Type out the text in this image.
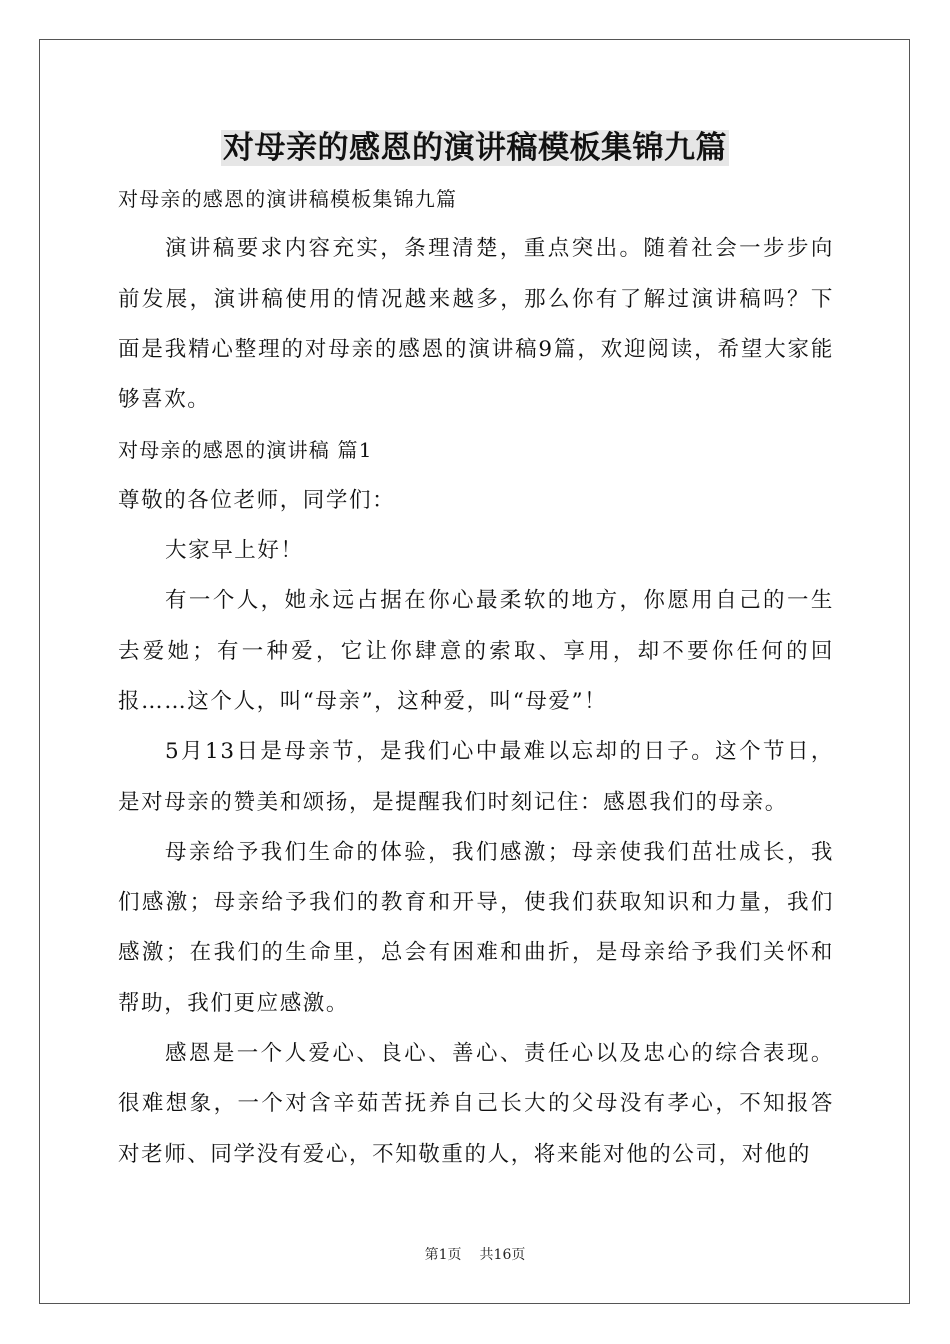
对母亲的感恩的演讲稿模板集锦九篇

对母亲的感恩的演讲稿模板集锦九篇

演讲稿要求内容充实，条理清楚，重点突出。随着社会一步步向前发展，演讲稿使用的情况越来越多，那么你有了解过演讲稿吗？下面是我精心整理的对母亲的感恩的演讲稿9篇，欢迎阅读，希望大家能够喜欢。

对母亲的感恩的演讲稿 篇1

尊敬的各位老师，同学们：

大家早上好！

有一个人，她永远占据在你心最柔软的地方，你愿用自己的一生去爱她；有一种爱，它让你肆意的索取、享用，却不要你任何的回报……这个人，叫“母亲”，这种爱，叫“母爱”！

5月13日是母亲节，是我们心中最难以忘却的日子。这个节日，是对母亲的赞美和颂扬，是提醒我们时刻记住：感恩我们的母亲。

母亲给予我们生命的体验，我们感激；母亲使我们茁壮成长，我们感激；母亲给予我们的教育和开导，使我们获取知识和力量，我们感激；在我们的生命里，总会有困难和曲折，是母亲给予我们关怀和帮助，我们更应感激。

感恩是一个人爱心、良心、善心、责任心以及忠心的综合表现。很难想象，一个对含辛茹苦抚养自己长大的父母没有孝心，不知报答对老师、同学没有爱心，不知敬重的人，将来能对他的公司，对他的

第1页 共16页
